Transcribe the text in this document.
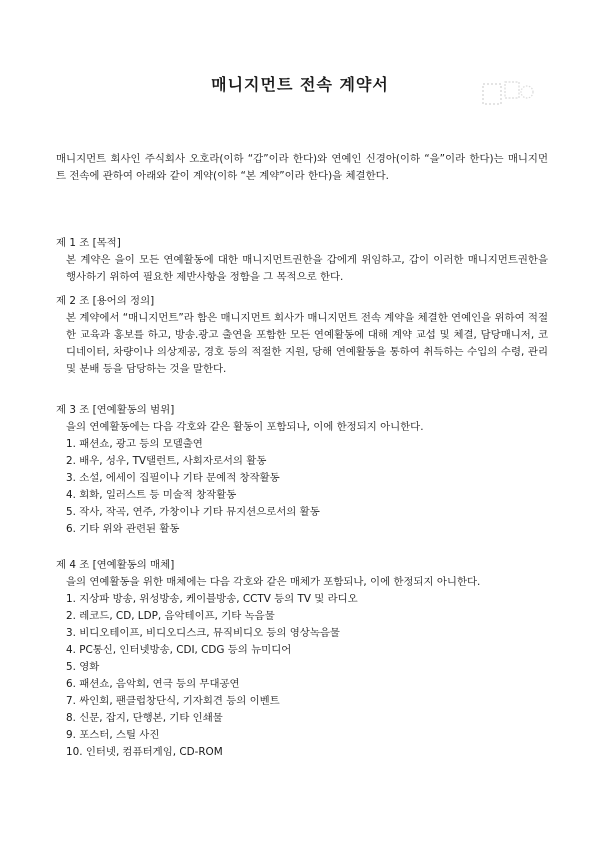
매니지먼트 전속 계약서

매니지먼트 회사인 주식회사 오호라(이하 “갑”이라 한다)와 연예인 신경아(이하 “을”이라 한다)는 매니지먼트 전속에 관하여 아래와 같이 계약(이하 “본 계약”이라 한다)을 체결한다.

제 1 조 [목적]

본 계약은 을이 모든 연예활동에 대한 매니지먼트권한을 갑에게 위임하고, 갑이 이러한 매니지먼트권한을 행사하기 위하여 필요한 제반사항을 정함을 그 목적으로 한다.

제 2 조 [용어의 정의]

본 계약에서 “매니지먼트”라 함은 매니지먼트 회사가 매니지먼트 전속 계약을 체결한 연예인을 위하여 적절한 교육과 홍보를 하고, 방송.광고 출연을 포함한 모든 연예활동에 대해 계약 교섭 및 체결, 담당매니저, 코디네이터, 차량이나 의상제공, 경호 등의 적절한 지원, 당해 연예활동을 통하여 취득하는 수입의 수령, 관리 및 분배 등을 담당하는 것을 말한다.

제 3 조 [연예활동의 범위]

을의 연예활동에는 다음 각호와 같은 활동이 포함되나, 이에 한정되지 아니한다.

1. 패션쇼, 광고 등의 모델출연
2. 배우, 성우, TV탤런트, 사회자로서의 활동
3. 소설, 에세이 집필이나 기타 문예적 창작활동
4. 회화, 일러스트 등 미술적 창작활동
5. 작사, 작곡, 연주, 가창이나 기타 뮤지션으로서의 활동
6. 기타 위와 관련된 활동

제 4 조 [연예활동의 매체]

을의 연예활동을 위한 매체에는 다음 각호와 같은 매체가 포함되나, 이에 한정되지 아니한다.

1. 지상파 방송, 위성방송, 케이블방송, CCTV 등의 TV 및 라디오
2. 레코드, CD, LDP, 음악테이프, 기타 녹음물
3. 비디오테이프, 비디오디스크, 뮤직비디오 등의 영상녹음물
4. PC통신, 인터넷방송, CDI, CDG 등의 뉴미디어
5. 영화
6. 패션쇼, 음악회, 연극 등의 무대공연
7. 싸인회, 팬클럽창단식, 기자회견 등의 이벤트
8. 신문, 잡지, 단행본, 기타 인쇄물
9. 포스터, 스틸 사진
10. 인터넷, 컴퓨터게임, CD-ROM
